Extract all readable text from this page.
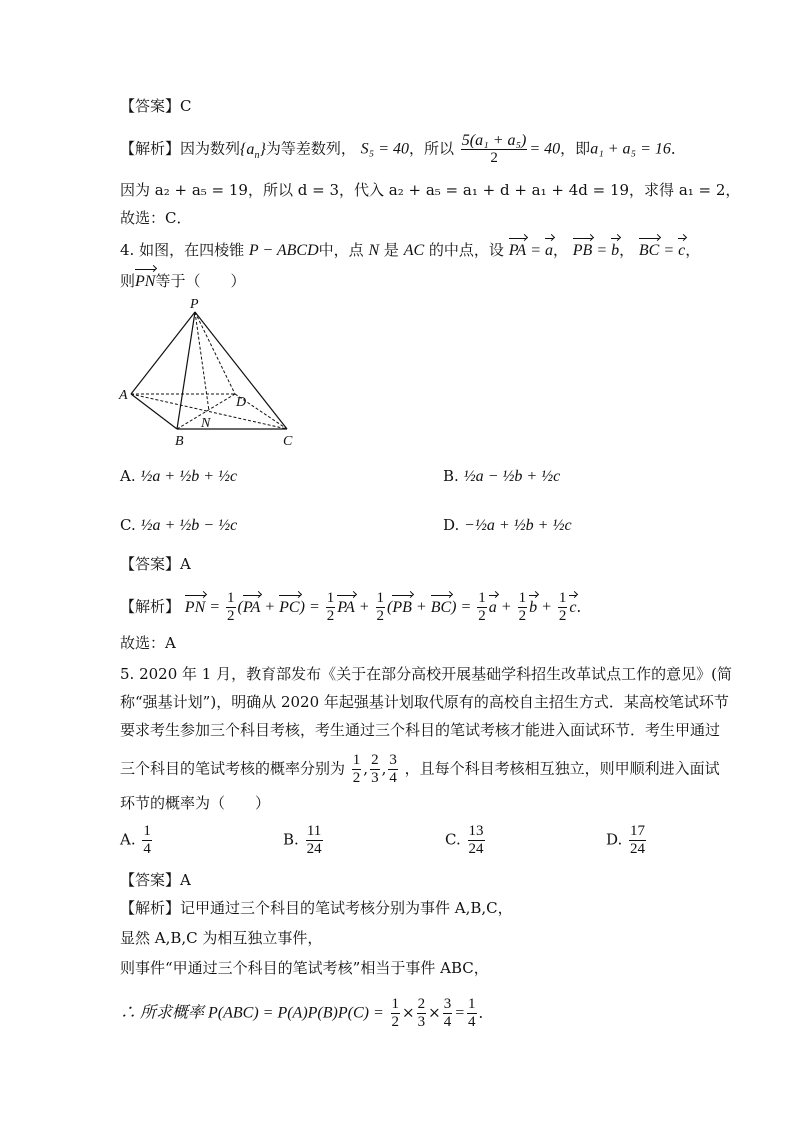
【答案】C
【解析】因为数列$\{a_n\}$为等差数列， S₅ = 40，所以 $\frac{\text{5(a₁ + a₅)}}{2} = 40$，即a₁ + a₅ = 16．
因为 a₂ + a₅ = 19，所以 d = 3，代入 a₂ + a₅ = a₁ + d + a₁ + 4d = 19，求得 a₁ = 2，
故选：C．
4. 如图，在四棱锥 P − ABCD中，点 N 是 AC 的中点，设 PA = a， PB = b， BC = c，
则PN等于（　　）
P
A
B	C
D
N
A. ½a + ½b + ½c	B. ½a − ½b + ½c
C. ½a + ½b − ½c	D. −½a + ½b + ½c
【答案】A
【解析】 PN = $\frac{1}{2} (PA + PC) = \frac{1}{2}$ PA + $\frac{1}{2} (PB + BC) = \frac{1}{2}$ $a + \frac{1}{2}$ $b + \frac{1}{2}$ c．
故选：A
5. 2020 年 1 月，教育部发布《关于在部分高校开展基础学科招生改革试点工作的意见》(简
称“强基计划”)，明确从 2020 年起强基计划取代原有的高校自主招生方式．某高校笔试环节
要求考生参加三个科目考核，考生通过三个科目的笔试考核才能进入面试环节．考生甲通过
三个科目的笔试考核的概率分别为 $\frac{1}{2}$ , $\frac{2}{3}$ , $\frac{3}{4}$ ，且每个科目考核相互独立，则甲顺利进入面试
环节的概率为（　　）
A. $\frac{1}{4}$	B. $\frac{11}{24}$	C. $\frac{13}{24}$	D. $\frac{17}{24}$
【答案】A
【解析】记甲通过三个科目的笔试考核分别为事件 A,B,C，
显然 A,B,C 为相互独立事件，
则事件“甲通过三个科目的笔试考核”相当于事件 ABC，
∴ 所求概率 $P(ABC) = P(A)P(B)P(C) = \frac{1}{2} \times \frac{2}{3} \times \frac{3}{4} = \frac{1}{4}$ ．
